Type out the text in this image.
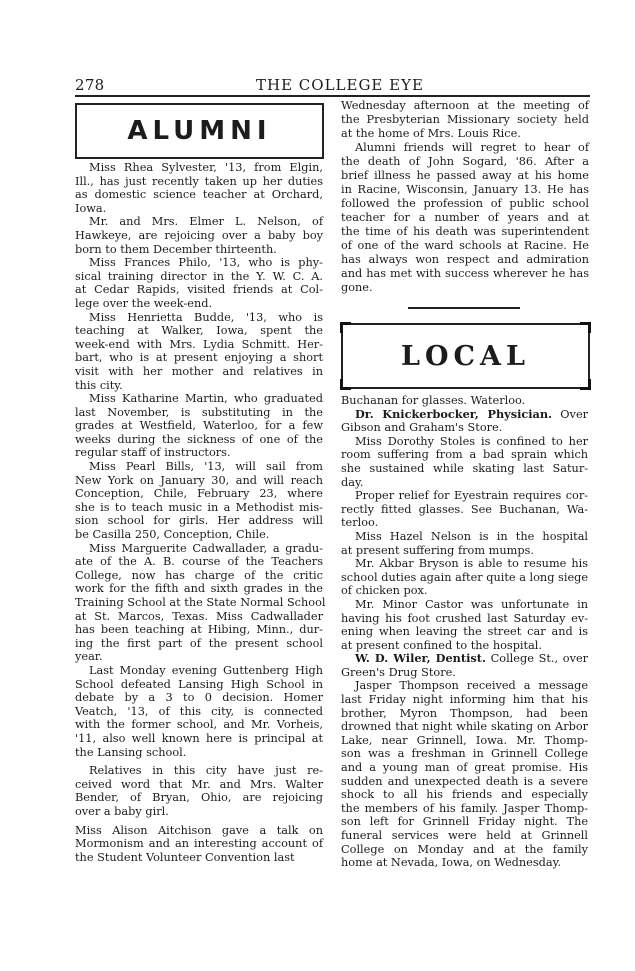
278	THE COLLEGE EYE
ALUMNI
Miss Rhea Sylvester, '13, from Elgin,
Ill., has just recently taken up her duties
as domestic science teacher at Orchard,
Iowa.
Mr. and Mrs. Elmer L. Nelson, of
Hawkeye, are rejoicing over a baby boy
born to them December thirteenth.
Miss Frances Philo, '13, who is phy-
sical training director in the Y. W. C. A.
at Cedar Rapids, visited friends at Col-
lege over the week-end.
Miss Henrietta Budde, '13, who is
teaching at Walker, Iowa, spent the
week-end with Mrs. Lydia Schmitt. Her-
bart, who is at present enjoying a short
visit with her mother and relatives in
this city.
Miss Katharine Martin, who graduated
last November, is substituting in the
grades at Westfield, Waterloo, for a few
weeks during the sickness of one of the
regular staff of instructors.
Miss Pearl Bills, '13, will sail from
New York on January 30, and will reach
Conception, Chile, February 23, where
she is to teach music in a Methodist mis-
sion school for girls. Her address will
be Casilla 250, Conception, Chile.
Miss Marguerite Cadwallader, a gradu-
ate of the A. B. course of the Teachers
College, now has charge of the critic
work for the fifth and sixth grades in the
Training School at the State Normal School
at St. Marcos, Texas. Miss Cadwallader
has been teaching at Hibing, Minn., dur-
ing the first part of the present school
year.
Last Monday evening Guttenberg High
School defeated Lansing High School in
debate by a 3 to 0 decision. Homer
Veatch, '13, of this city, is connected
with the former school, and Mr. Vorheis,
'11, also well known here is principal at
the Lansing school.
Relatives in this city have just re-
ceived word that Mr. and Mrs. Walter
Bender, of Bryan, Ohio, are rejoicing
over a baby girl.
Miss Alison Aitchison gave a talk on
Mormonism and an interesting account of
the Student Volunteer Convention last
Wednesday afternoon at the meeting of
the Presbyterian Missionary society held
at the home of Mrs. Louis Rice.
Alumni friends will regret to hear of
the death of John Sogard, '86. After a
brief illness he passed away at his home
in Racine, Wisconsin, January 13. He has
followed the profession of public school
teacher for a number of years and at
the time of his death was superintendent
of one of the ward schools at Racine. He
has always won respect and admiration
and has met with success wherever he has
gone.
LOCAL
Buchanan for glasses. Waterloo.
Dr. Knickerbocker, Physician. Over
Gibson and Graham's Store.
Miss Dorothy Stoles is confined to her
room suffering from a bad sprain which
she sustained while skating last Satur-
day.
Proper relief for Eyestrain requires cor-
rectly fitted glasses. See Buchanan, Wa-
terloo.
Miss Hazel Nelson is in the hospital
at present suffering from mumps.
Mr. Akbar Bryson is able to resume his
school duties again after quite a long siege
of chicken pox.
Mr. Minor Castor was unfortunate in
having his foot crushed last Saturday ev-
ening when leaving the street car and is
at present confined to the hospital.
W. D. Wiler, Dentist. College St., over
Green's Drug Store.
Jasper Thompson received a message
last Friday night informing him that his
brother, Myron Thompson, had been
drowned that night while skating on Arbor
Lake, near Grinnell, Iowa. Mr. Thomp-
son was a freshman in Grinnell College
and a young man of great promise. His
sudden and unexpected death is a severe
shock to all his friends and especially
the members of his family. Jasper Thomp-
son left for Grinnell Friday night. The
funeral services were held at Grinnell
College on Monday and at the family
home at Nevada, Iowa, on Wednesday.
